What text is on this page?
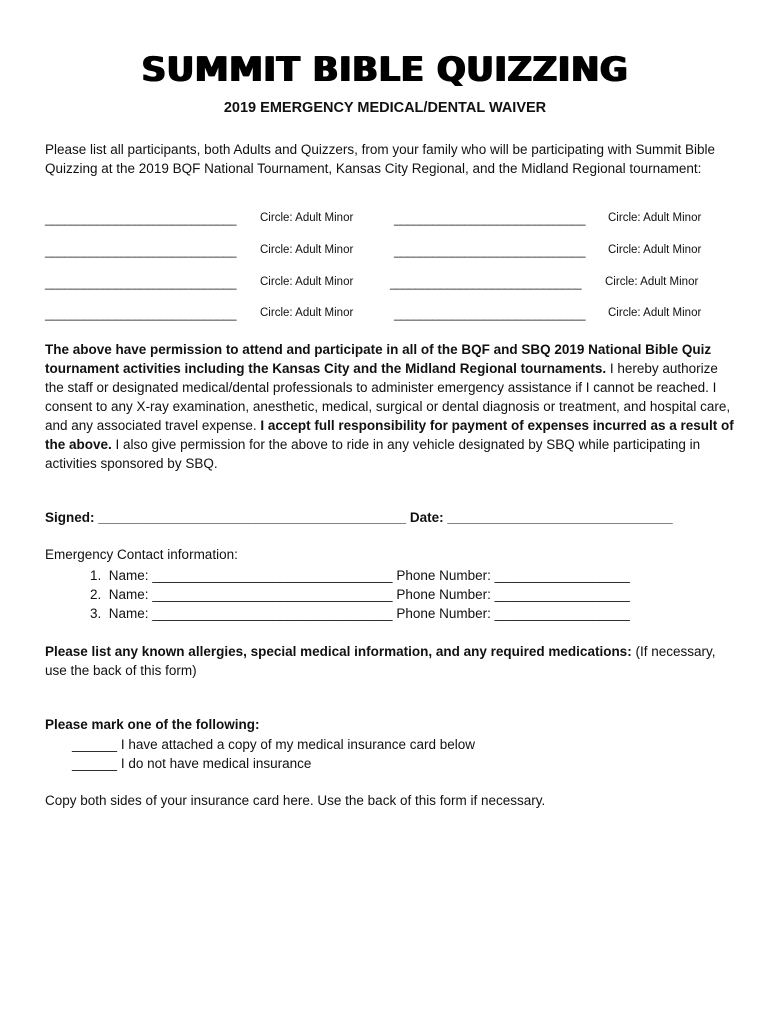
SUMMIT BIBLE QUIZZING
2019 EMERGENCY MEDICAL/DENTAL WAIVER
Please list all participants, both Adults and Quizzers, from your family who will be participating with Summit Bible Quizzing at the 2019 BQF National Tournament, Kansas City Regional, and the Midland Regional tournament:
______________________________ Circle: Adult Minor	______________________________ Circle: Adult Minor
______________________________ Circle: Adult Minor	______________________________ Circle: Adult Minor
______________________________ Circle: Adult Minor	______________________________ Circle: Adult Minor
______________________________ Circle: Adult Minor	______________________________ Circle: Adult Minor
The above have permission to attend and participate in all of the BQF and SBQ 2019 National Bible Quiz tournament activities including the Kansas City and the Midland Regional tournaments. I hereby authorize the staff or designated medical/dental professionals to administer emergency assistance if I cannot be reached. I consent to any X-ray examination, anesthetic, medical, surgical or dental diagnosis or treatment, and hospital care, and any associated travel expense. I accept full responsibility for payment of expenses incurred as a result of the above. I also give permission for the above to ride in any vehicle designated by SBQ while participating in activities sponsored by SBQ.
Signed: _________________________________________ Date: ______________________________
Emergency Contact information:
1. Name: ________________________________ Phone Number: __________________
2. Name: ________________________________ Phone Number: __________________
3. Name: ________________________________ Phone Number: __________________
Please list any known allergies, special medical information, and any required medications: (If necessary, use the back of this form)
Please mark one of the following:
______ I have attached a copy of my medical insurance card below
______ I do not have medical insurance
Copy both sides of your insurance card here. Use the back of this form if necessary.
